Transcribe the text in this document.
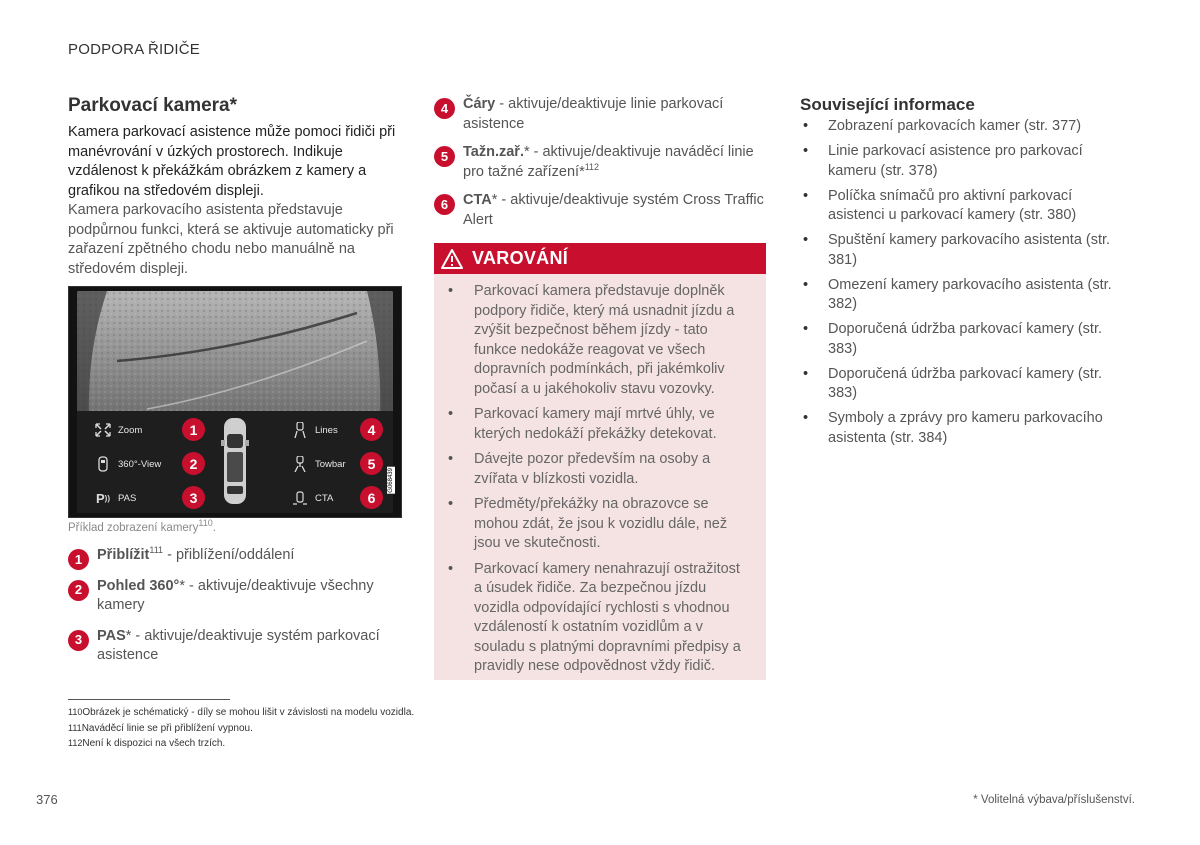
PODPORA ŘIDIČE
Parkovací kamera*

Kamera parkovací asistence může pomoci řidiči při manévrování v úzkých prostorech. Indikuje vzdálenost k překážkám obrázkem z kamery a grafikou na středovém displeji.

Kamera parkovacího asistenta představuje podpůrnou funkci, která se aktivuje automaticky při zařazení zpětného chodu nebo manuálně na středovém displeji.

Zoom	1
360°-View	2
P )) PAS	3
Lines	4
Towbar	5
CTA	6
G068439
Příklad zobrazení kamery$^{110}$.
1	Přiblížit$^{111}$ - přiblížení/oddálení
2	Pohled 360°* - aktivuje/deaktivuje všechny kamery
3	PAS* - aktivuje/deaktivuje systém parkovací asistence
4	Čáry - aktivuje/deaktivuje linie parkovací asistence
5	Tažn.zař.* - aktivuje/deaktivuje naváděcí linie pro tažné zařízení*$^{112}$
6	CTA* - aktivuje/deaktivuje systém Cross Traffic Alert
VAROVÁNÍ
• Parkovací kamera představuje doplněk podpory řidiče, který má usnadnit jízdu a zvýšit bezpečnost během jízdy - tato funkce nedokáže reagovat ve všech dopravních podmínkách, při jakémkoliv počasí a u jakéhokoliv stavu vozovky.
• Parkovací kamery mají mrtvé úhly, ve kterých nedokáží překážky detekovat.
• Dávejte pozor především na osoby a zvířata v blízkosti vozidla.
• Předměty/překážky na obrazovce se mohou zdát, že jsou k vozidlu dále, než jsou ve skutečnosti.
• Parkovací kamery nenahrazují ostražitost a úsudek řidiče. Za bezpečnou jízdu vozidla odpovídající rychlosti s vhodnou vzdáleností k ostatním vozidlům a v souladu s platnými dopravními předpisy a pravidly nese odpovědnost vždy řidič.
Související informace
• Zobrazení parkovacích kamer (str. 377)
• Linie parkovací asistence pro parkovací kameru (str. 378)
• Políčka snímačů pro aktivní parkovací asistenci u parkovací kamery (str. 380)
• Spuštění kamery parkovacího asistenta (str. 381)
• Omezení kamery parkovacího asistenta (str. 382)
• Doporučená údržba parkovací kamery (str. 383)
• Doporučená údržba parkovací kamery (str. 383)
• Symboly a zprávy pro kameru parkovacího asistenta (str. 384)
110Obrázek je schématický - díly se mohou lišit v závislosti na modelu vozidla.
111Naváděcí linie se při přiblížení vypnou.
112Není k dispozici na všech trzích.
376	* Volitelná výbava/příslušenství.
